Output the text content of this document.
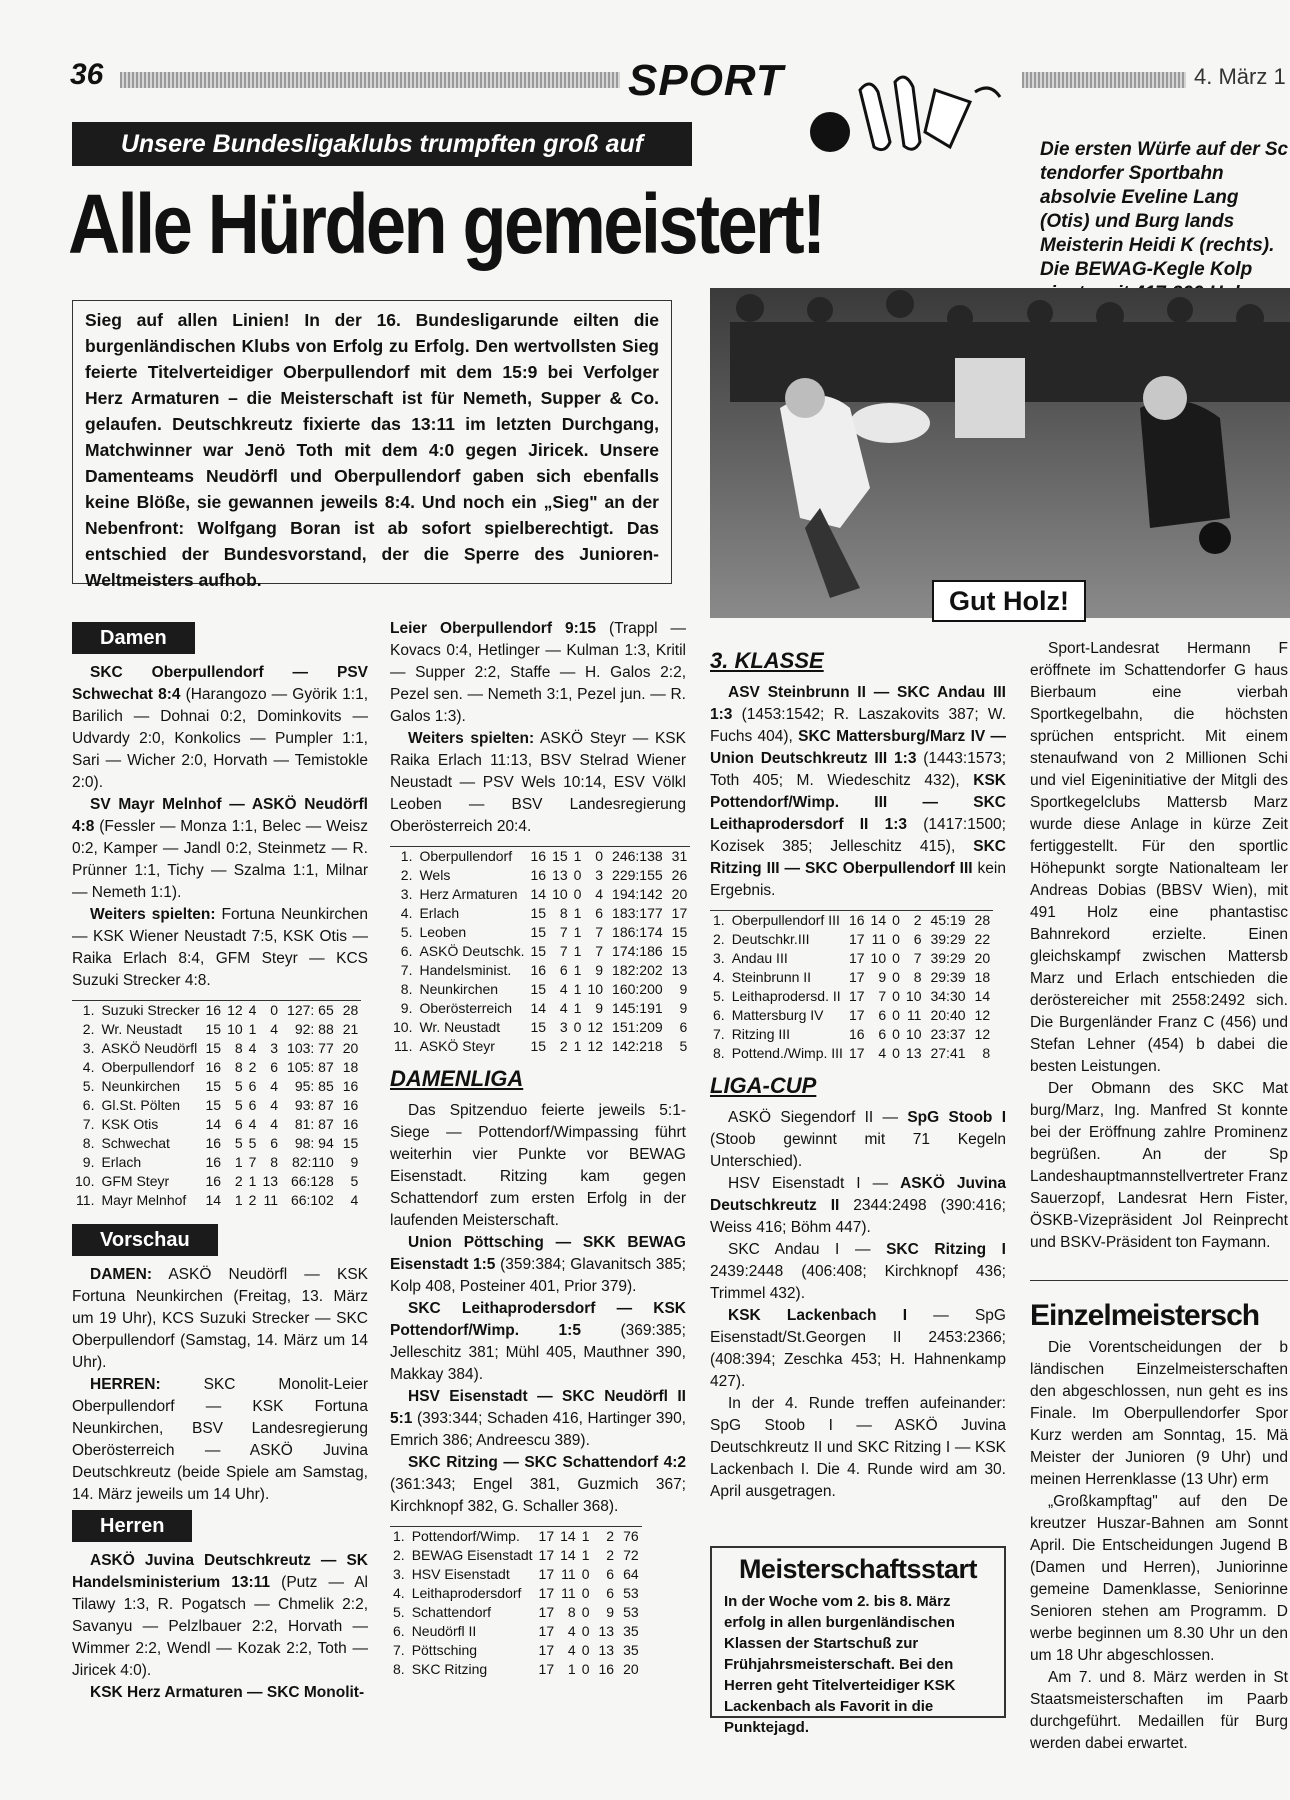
36	SPORT	4. März 1
Unsere Bundesligaklubs trumpften groß auf
Alle Hürden gemeistert!
Die ersten Würfe auf der Sc tendorfer Sportbahn absolvie Eveline Lang (Otis) und Burg lands Meisterin Heidi K (rechts). Die BEWAG-Kegle Kolp
Sieg auf allen Linien! In der 16. Bundesligarunde eilten die burgenländischen Klubs von Erfolg zu Erfolg. Den wertvollsten Sieg feierte Titelverteidiger Oberpullendorf mit dem 15:9 bei Verfolger Herz Armaturen – die Meisterschaft ist für Nemeth, Supper & Co. gelaufen. Deutschkreutz fixierte das 13:11 im letzten Durchgang, Matchwinner war Jenö Toth mit dem 4:0 gegen Jiricek. Unsere Damenteams Neudörfl und Oberpullendorf gaben sich ebenfalls keine Blöße, sie gewannen jeweils 8:4. Und noch ein „Sieg" an der Nebenfront: Wolfgang Boran ist ab sofort spielberechtigt. Das entschied der Bundesvorstand, der die Sperre des Junioren-Weltmeisters aufhob.
Gut Holz!
Damen

SKC Oberpullendorf — PSV Schwechat 8:4 (Harangozo — Györik 1:1, Barilich — Dohnai 0:2, Dominkovits — Udvardy 2:0, Konkolics — Pumpler 1:1, Sari — Wicher 2:0, Horvath — Temistokle 2:0).

SV Mayr Melnhof — ASKÖ Neudörfl 4:8 (Fessler — Monza 1:1, Belec — Weisz 0:2, Kamper — Jandl 0:2, Steinmetz — R. Prünner 1:1, Tichy — Szalma 1:1, Milnar — Nemeth 1:1).

Weiters spielten: Fortuna Neunkirchen — KSK Wiener Neustadt 7:5, KSK Otis — Raika Erlach 8:4, GFM Steyr — KCS Suzuki Strecker 4:8.

1.	Suzuki Strecker	16	12	4	0	127: 65	28
2.	Wr. Neustadt	15	10	1	4	92: 88	21
3.	ASKÖ Neudörfl	15	8	4	3	103: 77	20
4.	Oberpullendorf	16	8	2	6	105: 87	18
5.	Neunkirchen	15	5	6	4	95: 85	16
6.	Gl.St. Pölten	15	5	6	4	93: 87	16
7.	KSK Otis	14	6	4	4	81: 87	16
8.	Schwechat	16	5	5	6	98: 94	15
9.	Erlach	16	1	7	8	82:110	9
10.	GFM Steyr	16	2	1	13	66:128	5
11.	Mayr Melnhof	14	1	2	11	66:102	4
Vorschau

DAMEN: ASKÖ Neudörfl — KSK Fortuna Neunkirchen (Freitag, 13. März um 19 Uhr), KCS Suzuki Strecker — SKC Oberpullendorf (Samstag, 14. März um 14 Uhr).

HERREN: SKC Monolit-Leier Oberpullendorf — KSK Fortuna Neunkirchen, BSV Landesregierung Oberösterreich — ASKÖ Juvina Deutschkreutz (beide Spiele am Samstag, 14. März jeweils um 14 Uhr).

Herren

ASKÖ Juvina Deutschkreutz — SK Handelsministerium 13:11 (Putz — Al Tilawy 1:3, R. Pogatsch — Chmelik 2:2, Savanyu — Pelzlbauer 2:2, Horvath — Wimmer 2:2, Wendl — Kozak 2:2, Toth — Jiricek 4:0).

KSK Herz Armaturen — SKC Monolit-

Leier Oberpullendorf 9:15 (Trappl — Kovacs 0:4, Hetlinger — Kulman 1:3, Kritil — Supper 2:2, Staffe — H. Galos 2:2, Pezel sen. — Nemeth 3:1, Pezel jun. — R. Galos 1:3).

Weiters spielten: ASKÖ Steyr — KSK Raika Erlach 11:13, BSV Stelrad Wiener Neustadt — PSV Wels 10:14, ESV Völkl Leoben — BSV Landesregierung Oberösterreich 20:4.

1.	Oberpullendorf	16	15	1	0	246:138	31
2.	Wels	16	13	0	3	229:155	26
3.	Herz Armaturen	14	10	0	4	194:142	20
4.	Erlach	15	8	1	6	183:177	17
5.	Leoben	15	7	1	7	186:174	15
6.	ASKÖ Deutschk.	15	7	1	7	174:186	15
7.	Handelsminist.	16	6	1	9	182:202	13
8.	Neunkirchen	15	4	1	10	160:200	9
9.	Oberösterreich	14	4	1	9	145:191	9
10.	Wr. Neustadt	15	3	0	12	151:209	6
11.	ASKÖ Steyr	15	2	1	12	142:218	5
DAMENLIGA

Das Spitzenduo feierte jeweils 5:1-Siege — Pottendorf/Wimpassing führt weiterhin vier Punkte vor BEWAG Eisenstadt. Ritzing kam gegen Schattendorf zum ersten Erfolg in der laufenden Meisterschaft.

Union Pöttsching — SKK BEWAG Eisenstadt 1:5 (359:384; Glavanitsch 385; Kolp 408, Posteiner 401, Prior 379).

SKC Leithaprodersdorf — KSK Pottendorf/Wimp. 1:5 (369:385; Jelleschitz 381; Mühl 405, Mauthner 390, Makkay 384).

HSV Eisenstadt — SKC Neudörfl II 5:1 (393:344; Schaden 416, Hartinger 390, Emrich 386; Andreescu 389).

SKC Ritzing — SKC Schattendorf 4:2 (361:343; Engel 381, Guzmich 367; Kirchknopf 382, G. Schaller 368).

1.	Pottendorf/Wimp.	17	14	1	2	76
2.	BEWAG Eisenstadt	17	14	1	2	72
3.	HSV Eisenstadt	17	11	0	6	64
4.	Leithaprodersdorf	17	11	0	6	53
5.	Schattendorf	17	8	0	9	53
6.	Neudörfl II	17	4	0	13	35
7.	Pöttsching	17	4	0	13	35
8.	SKC Ritzing	17	1	0	16	20
3. KLASSE

ASV Steinbrunn II — SKC Andau III 1:3 (1453:1542; R. Laszakovits 387; W. Fuchs 404), SKC Mattersburg/Marz IV — Union Deutschkreutz III 1:3 (1443:1573; Toth 405; M. Wiedeschitz 432), KSK Pottendorf/Wimp. III — SKC Leithaprodersdorf II 1:3 (1417:1500; Kozisek 385; Jelleschitz 415), SKC Ritzing III — SKC Oberpullendorf III kein Ergebnis.

1.	Oberpullendorf III	16	14	0	2	45:19	28
2.	Deutschkr.III	17	11	0	6	39:29	22
3.	Andau III	17	10	0	7	39:29	20
4.	Steinbrunn II	17	9	0	8	29:39	18
5.	Leithaprodersd. II	17	7	0	10	34:30	14
6.	Mattersburg IV	17	6	0	11	20:40	12
7.	Ritzing III	16	6	0	10	23:37	12
8.	Pottend./Wimp. III	17	4	0	13	27:41	8
LIGA-CUP

ASKÖ Siegendorf II — SpG Stoob I (Stoob gewinnt mit 71 Kegeln Unterschied).

HSV Eisenstadt I — ASKÖ Juvina Deutschkreutz II 2344:2498 (390:416; Weiss 416; Böhm 447).

SKC Andau I — SKC Ritzing I 2439:2448 (406:408; Kirchknopf 436; Trimmel 432).

KSK Lackenbach I — SpG Eisenstadt/St.Georgen II 2453:2366; (408:394; Zeschka 453; H. Hahnenkamp 427).

In der 4. Runde treffen aufeinander: SpG Stoob I — ASKÖ Juvina Deutschkreutz II und SKC Ritzing I — KSK Lackenbach I. Die 4. Runde wird am 30. April ausgetragen.

Meisterschaftsstart

In der Woche vom 2. bis 8. März erfolg in allen burgenländischen Klassen der Startschuß zur Frühjahrsmeisterschaft. Bei den Herren geht Titelverteidiger KSK Lackenbach als Favorit in die Punktejagd.

Sport-Landesrat Hermann F eröffnete im Schattendorfer G haus Bierbaum eine vierbah Sportkegelbahn, die höchsten sprüchen entspricht. Mit einem stenaufwand von 2 Millionen Schi und viel Eigeninitiative der Mitgli des Sportkegelclubs Mattersb Marz wurde diese Anlage in kürze Zeit fertiggestellt. Für den sportlic Höhepunkt sorgte Nationalteam ler Andreas Dobias (BBSV Wien), mit 491 Holz eine phantastisc Bahnrekord erzielte. Einen gleichskampf zwischen Mattersb Marz und Erlach entschieden die deröstereicher mit 2558:2492 sich. Die Burgenländer Franz C (456) und Stefan Lehner (454) b dabei die besten Leistungen.

Der Obmann des SKC Mat burg/Marz, Ing. Manfred St konnte bei der Eröffnung zahlre Prominenz begrüßen. An der Sp Landeshauptmannstellvertreter Franz Sauerzopf, Landesrat Hern Fister, ÖSKB-Vizepräsident Jol Reinprecht und BSKV-Präsident ton Faymann.

Einzelmeistersch

Die Vorentscheidungen der b ländischen Einzelmeisterschaften den abgeschlossen, nun geht es ins Finale. Im Oberpullendorfer Spor Kurz werden am Sonntag, 15. Mä Meister der Junioren (9 Uhr) und meinen Herrenklasse (13 Uhr) erm

„Großkampftag" auf den De kreutzer Huszar-Bahnen am Sonnt April. Die Entscheidungen Jugend B (Damen und Herren), Juniorinne gemeine Damenklasse, Seniorinne Senioren stehen am Programm. D werbe beginnen um 8.30 Uhr un den um 18 Uhr abgeschlossen.

Am 7. und 8. März werden in St Staatsmeisterschaften im Paarb durchgeführt. Medaillen für Burg werden dabei erwartet.
